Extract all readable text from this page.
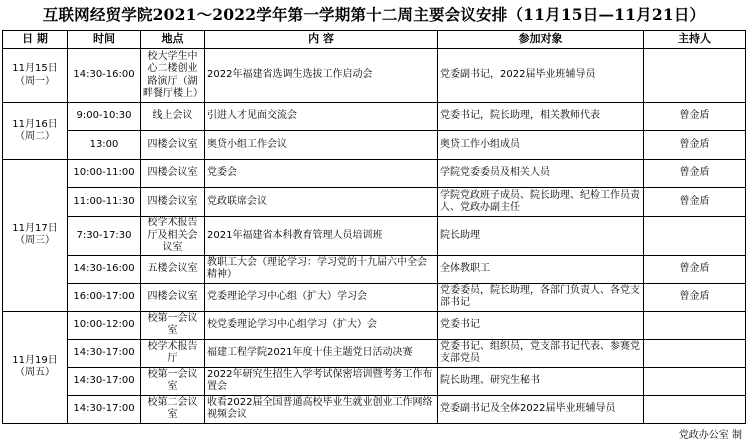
互联网经贸学院2021～2022学年第一学期第十二周主要会议安排（11月15日—11月21日）
日 期	时间	地点	内 容	参加对象	主持人
11月15日（周一）	14:30-16:00	校大学生中心二楼创业路演厅（湖畔餐厅楼上）	2022年福建省选调生选拔工作启动会	党委副书记，2022届毕业班辅导员	
11月16日（周二）	9:00-10:30	线上会议	引进人才见面交流会	党委书记，院长助理，相关教师代表	曾金盾
	13:00	四楼会议室	奥贷小组工作会议	奥贷工作小组成员	曾金盾
11月17日（周三）	10:00-11:00	四楼会议室	党委会	学院党委委员及相关人员	曾金盾
	11:00-11:30	四楼会议室	党政联席会议	学院党政班子成员、院长助理、纪检工作员责人、党政办副主任	曾金盾
	7:30-17:30	校学术报告厅及相关会议室	2021年福建省本科教育管理人员培训班	院长助理	
	14:30-16:00	五楼会议室	教职工大会（理论学习：学习党的十九届六中全会精神）	全体教职工	曾金盾
	16:00-17:00	四楼会议室	党委理论学习中心组（扩大）学习会	党委委员，院长助理，各部门负责人、各党支部书记	曾金盾
11月19日（周五）	10:00-12:00	校第一会议室	校党委理论学习中心组学习（扩大）会	党委书记	
	14:30-17:00	校学术报告厅	福建工程学院2021年度十佳主题党日活动决赛	党委书记、组织员，党支部书记代表、参赛党支部党员	
	14:30-17:00	校第一会议室	2022年研究生招生入学考试保密培训暨考务工作布置会	院长助理、研究生秘书	
	14:30-17:00	校第二会议室	收看2022届全国普通高校毕业生就业创业工作网络视频会议	党委副书记及全体2022届毕业班辅导员	
党政办公室 制
